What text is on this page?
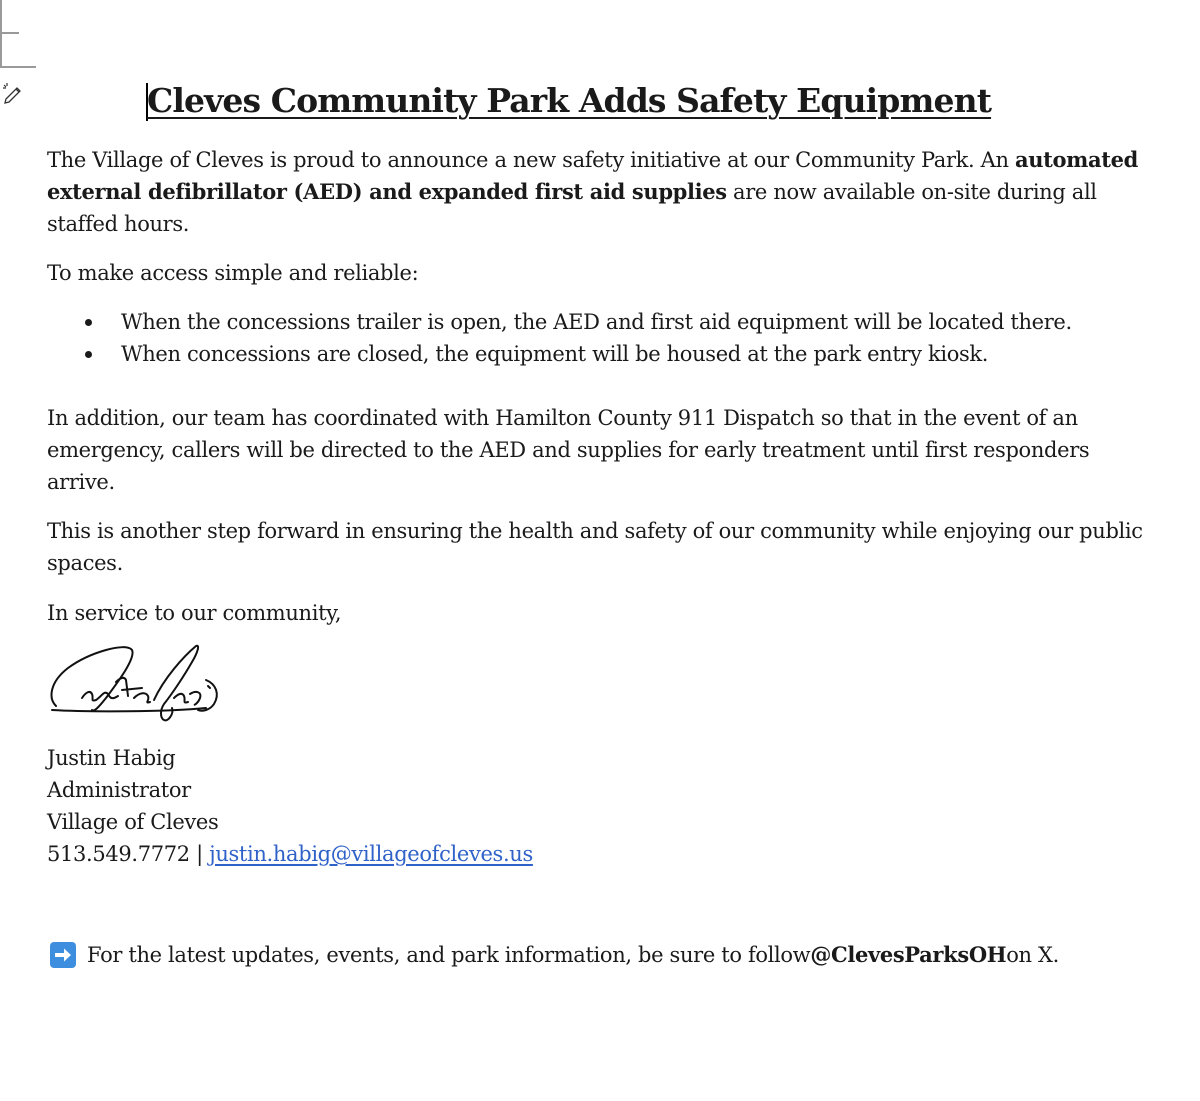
Cleves Community Park Adds Safety Equipment

The Village of Cleves is proud to announce a new safety initiative at our Community Park. An automated external defibrillator (AED) and expanded first aid supplies are now available on-site during all staffed hours.

To make access simple and reliable:

When the concessions trailer is open, the AED and first aid equipment will be located there.
When concessions are closed, the equipment will be housed at the park entry kiosk.

In addition, our team has coordinated with Hamilton County 911 Dispatch so that in the event of an emergency, callers will be directed to the AED and supplies for early treatment until first responders arrive.

This is another step forward in ensuring the health and safety of our community while enjoying our public spaces.

In service to our community,

Justin Habig
Administrator
Village of Cleves
513.549.7772 | justin.habig@villageofcleves.us
For the latest updates, events, and park information, be sure to follow @ClevesParksOH on X.
